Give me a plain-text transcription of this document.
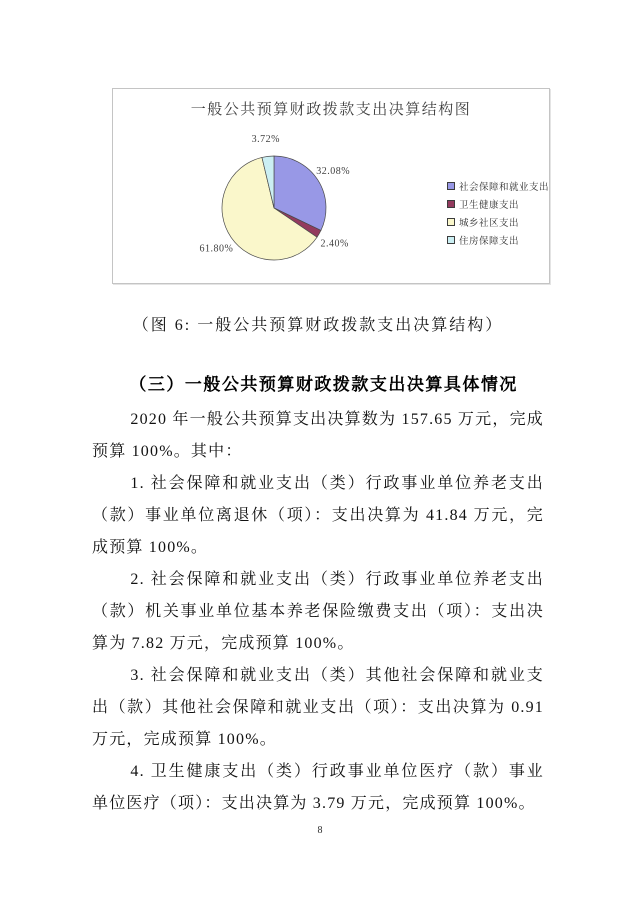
一般公共预算财政拨款支出决算结构图
32.08%
2.40%
61.80%
3.72%
社会保障和就业支出
卫生健康支出
城乡社区支出
住房保障支出
（图 6: 一般公共预算财政拨款支出决算结构）
（三）一般公共预算财政拨款支出决算具体情况

2020 年一般公共预算支出决算数为 157.65 万元，完成预算 100%。其中：

1. 社会保障和就业支出（类）行政事业单位养老支出（款）事业单位离退休（项）：支出决算为 41.84 万元，完成预算 100%。

2. 社会保障和就业支出（类）行政事业单位养老支出（款）机关事业单位基本养老保险缴费支出（项）：支出决算为 7.82 万元，完成预算 100%。

3. 社会保障和就业支出（类）其他社会保障和就业支出（款）其他社会保障和就业支出（项）：支出决算为 0.91 万元，完成预算 100%。

4. 卫生健康支出（类）行政事业单位医疗（款）事业单位医疗（项）：支出决算为 3.79 万元，完成预算 100%。

8
